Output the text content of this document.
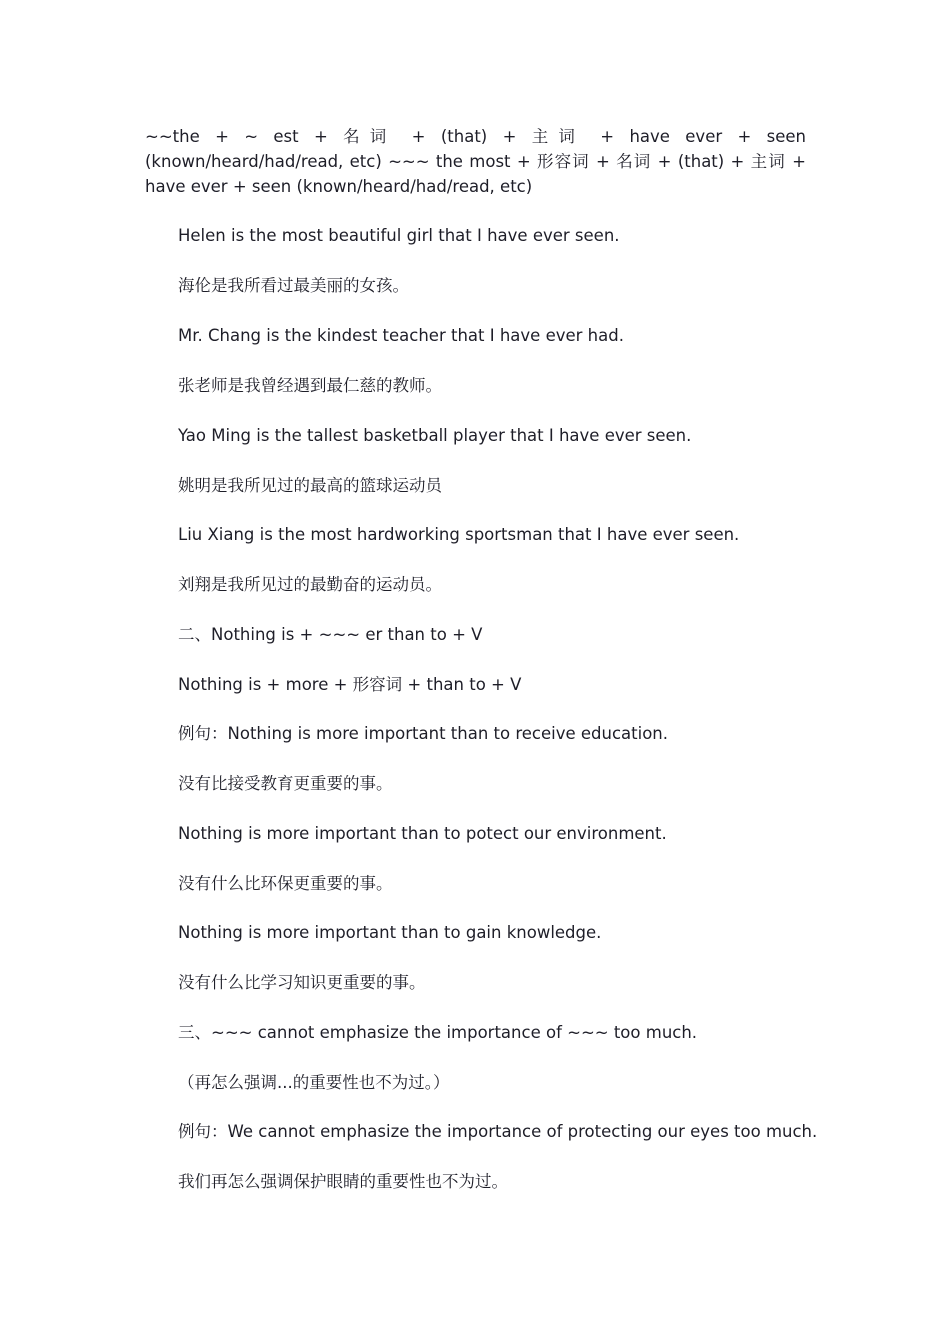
~~the + ~ est + 名词 + (that) + 主词 + have ever + seen (known/heard/had/read, etc) ~~~ the most + 形容词 + 名词 + (that) + 主词 + have ever + seen (known/heard/had/read, etc)
Helen is the most beautiful girl that I have ever seen.
海伦是我所看过最美丽的女孩。
Mr. Chang is the kindest teacher that I have ever had.
张老师是我曾经遇到最仁慈的教师。
Yao Ming is the tallest basketball player that I have ever seen.
姚明是我所见过的最高的篮球运动员
Liu Xiang is the most hardworking sportsman that I have ever seen.
刘翔是我所见过的最勤奋的运动员。
二、Nothing is + ~~~ er than to + V
Nothing is + more + 形容词 + than to + V
例句：Nothing is more important than to receive education.
没有比接受教育更重要的事。
Nothing is more important than to potect our environment.
没有什么比环保更重要的事。
Nothing is more important than to gain knowledge.
没有什么比学习知识更重要的事。
三、~~~ cannot emphasize the importance of ~~~ too much.
（再怎么强调...的重要性也不为过。）
例句：We cannot emphasize the importance of protecting our eyes too much.
我们再怎么强调保护眼睛的重要性也不为过。
